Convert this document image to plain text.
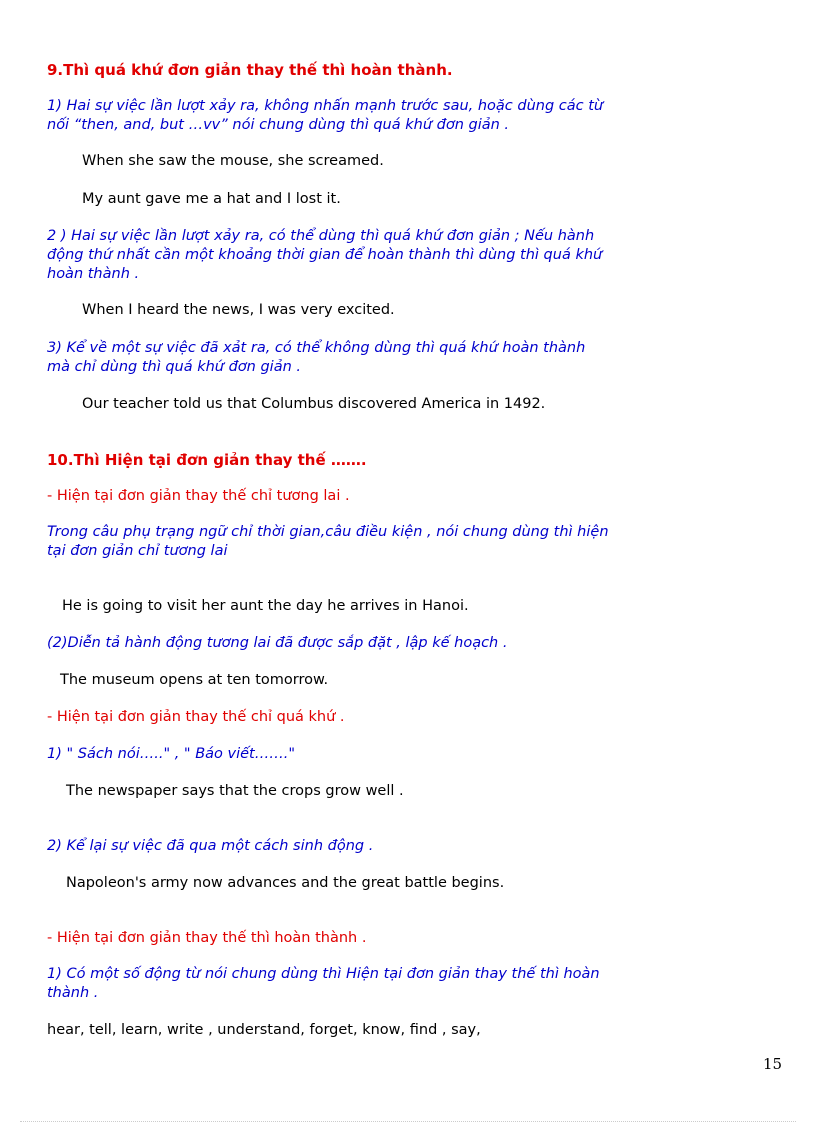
9.Thì quá khứ đơn giản thay thế thì hoàn thành.

1) Hai sự việc lần lượt xảy ra, không nhấn mạnh trước sau, hoặc dùng các từ

nối “then, and, but …vv” nói chung dùng thì quá khứ đơn giản .

When she saw the mouse, she screamed.

My aunt gave me a hat and I lost it.

2 ) Hai sự việc lần lượt xảy ra, có thể dùng thì quá khứ đơn giản ; Nếu hành

động thứ nhất cần một khoảng thời gian để hoàn thành thì dùng thì quá khứ

hoàn thành .

When I heard the news, I was very excited.

3) Kể về một sự việc đã xảt ra, có thể không dùng thì quá khứ hoàn thành

mà chỉ dùng thì quá khứ đơn giản .

Our teacher told us that Columbus discovered America in 1492.

10.Thì Hiện tại đơn giản thay thế …….

- Hiện tại đơn giản thay thế chỉ tương lai .

Trong câu phụ trạng ngữ chỉ thời gian,câu điều kiện , nói chung dùng thì hiện

tại đơn giản chỉ tương lai

He is going to visit her aunt the day he arrives in Hanoi.

(2)Diễn tả hành động tương lai đã được sắp đặt , lập kế hoạch .

The museum opens at ten tomorrow.

- Hiện tại đơn giản thay thế chỉ quá khứ .

1) " Sách nói….." , " Báo viết……."

The newspaper says that the crops grow well .

2) Kể lại sự việc đã qua một cách sinh động .

Napoleon's army now advances and the great battle begins.

- Hiện tại đơn giản thay thế thì hoàn thành .

1) Có một số động từ nói chung dùng thì Hiện tại đơn giản thay thế thì hoàn

thành .

hear, tell, learn, write , understand, forget, know, find , say,

15
